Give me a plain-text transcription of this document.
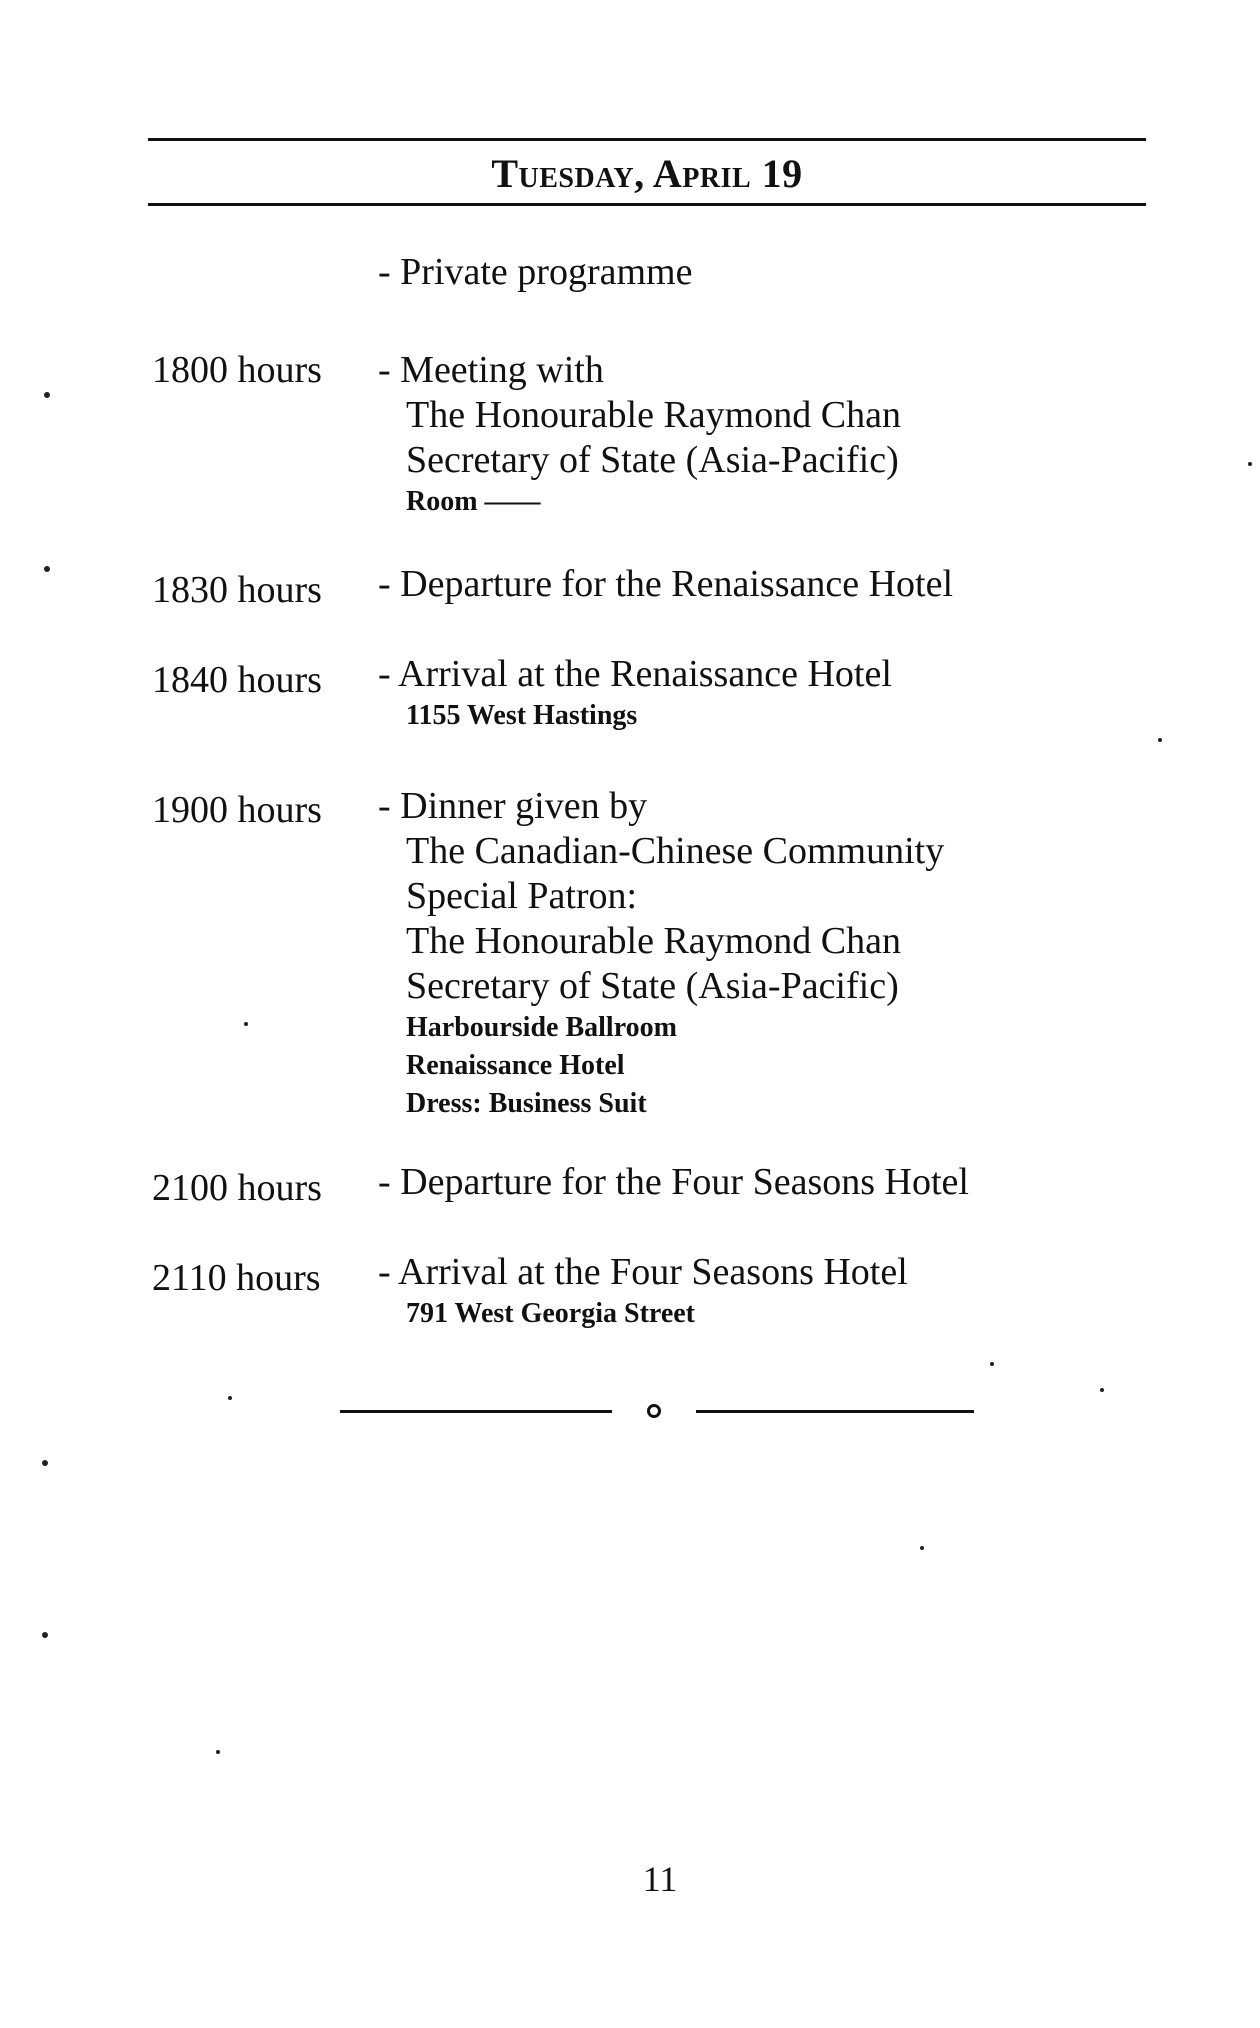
Tuesday, April 19
- Private programme
1800 hours - Meeting with
The Honourable Raymond Chan
Secretary of State (Asia-Pacific)
Room ——
1830 hours - Departure for the Renaissance Hotel
1840 hours - Arrival at the Renaissance Hotel
1155 West Hastings
1900 hours - Dinner given by
The Canadian-Chinese Community
Special Patron:
The Honourable Raymond Chan
Secretary of State (Asia-Pacific)
Harbourside Ballroom
Renaissance Hotel
Dress: Business Suit
2100 hours - Departure for the Four Seasons Hotel
2110 hours - Arrival at the Four Seasons Hotel
791 West Georgia Street
11
